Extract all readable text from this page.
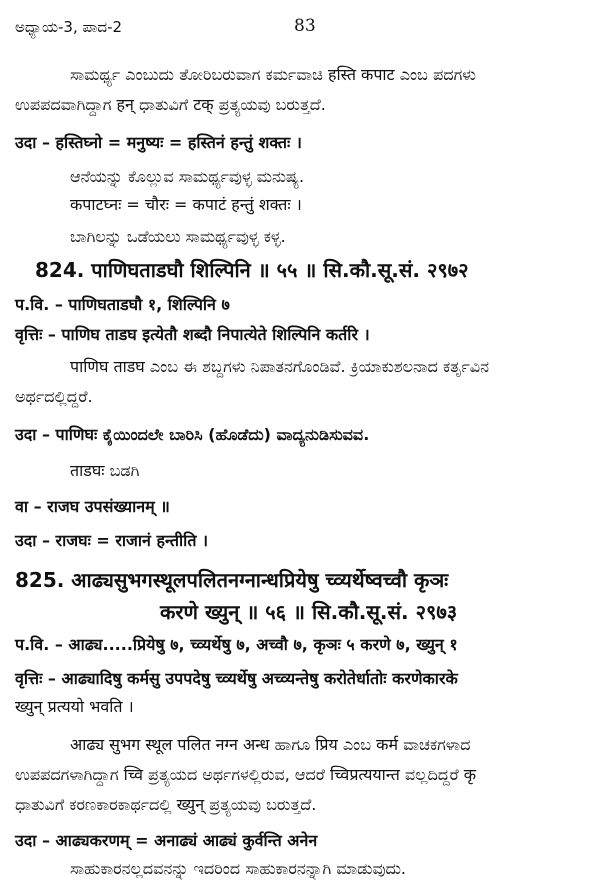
ಅಧ್ಯಾಯ-3, ಪಾದ-2	83
ಸಾಮರ್ಥ್ಯ ಎಂಬುದು ತೋರಿಬರುವಾಗ ಕರ್ಮವಾಚಿ हस्ति कपाट ಎಂಬ ಪದಗಳು
ಉಪಪದವಾಗಿದ್ದಾಗ हन् ಧಾತುವಿಗೆ टक् ಪ್ರತ್ಯಯವು ಬರುತ್ತದೆ.
उदा – हस्तिघ्नो = मनुष्यः = हस्तिनं हन्तुं शक्तः ।
ಆನೆಯನ್ನು ಕೊಲ್ಲುವ ಸಾಮರ್ಥ್ಯವುಳ್ಳ ಮನುಷ್ಯ.
कपाटघ्नः = चौरः = कपाटं हन्तुं शक्तः ।
ಬಾಗಿಲನ್ನು ಒಡೆಯಲು ಸಾಮರ್ಥ್ಯವುಳ್ಳ ಕಳ್ಳ.
824. पाणिघताडघौ शिल्पिनि ॥ ५५ ॥ सि.कौ.सू.सं. २९७२
प.वि. – पाणिघताडघौ १, शिल्पिनि ७
वृत्तिः – पाणिघ ताडघ इत्येतौ शब्दौ निपात्येते शिल्पिनि कर्तरि ।
पाणिघ ताडघ ಎಂಬ ಈ ಶಬ್ದಗಳು ನಿಪಾತನಗೊಂಡಿವೆ. ಕ್ರಿಯಾಕುಶಲನಾದ ಕರ್ತೃವಿನ
ಅರ್ಥದಲ್ಲಿದ್ದರೆ.
उदा – पाणिघः ಕೈಯಿಂದಲೇ ಬಾರಿಸಿ (ಹೊಡೆದು) ವಾದ್ಯನುಡಿಸುವವ.
ताडघः ಬಡಗಿ
वा – राजघ उपसंख्यानम् ॥
उदा – राजघः = राजानं हन्तीति ।
825. आढ्यसुभगस्थूलपलितनग्नान्धप्रियेषु च्व्यर्थेष्वच्वौ कृञः
करणे ख्युन् ॥ ५६ ॥ सि.कौ.सू.सं. २९७३
प.वि. – आढ्य.....प्रियेषु ७, च्व्यर्थेषु ७, अच्वौ ७, कृञः ५ करणे ७, ख्युन् १
वृत्तिः – आढ्यादिषु कर्मसु उपपदेषु च्व्यर्थेषु अच्व्यन्तेषु करोतेर्धातोः करणेकारके
ख्युन् प्रत्ययो भवति ।
आढ्य सुभग स्थूल पलित नग्न अन्ध ಹಾಗೂ प्रिय ಎಂಬ कर्म ವಾಚಕಗಳಾದ
ಉಪಪದಗಳಾಗಿದ್ದಾಗ च्वि ಪ್ರತ್ಯಯದ ಅರ್ಥಗಳಲ್ಲಿರುವ, ಆದರೆ च्विप्रत्ययान्त ವಲ್ಲದಿದ್ದರೆ कृ
ಧಾತುವಿಗೆ ಕರಣಕಾರಕಾರ್ಥದಲ್ಲಿ ख्युन् ಪ್ರತ್ಯಯವು ಬರುತ್ತದೆ.
उदा – आढ्यकरणम् = अनाढ्यं आढ्यं कुर्वन्ति अनेन
ಸಾಹುಕಾರನಲ್ಲದವನನ್ನು ಇದರಿಂದ ಸಾಹುಕಾರನನ್ನಾಗಿ ಮಾಡುವುದು.
